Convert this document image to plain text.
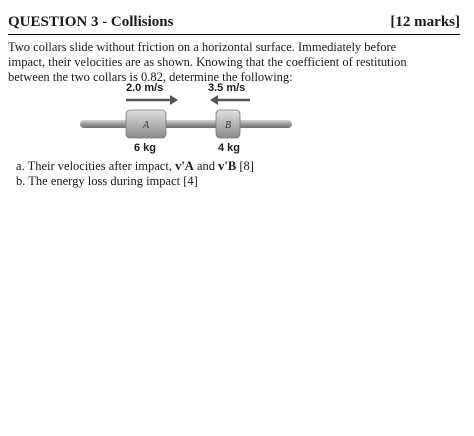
QUESTION 3 - Collisions	[12 marks]
Two collars slide without friction on a horizontal surface. Immediately before
impact, their velocities are as shown. Knowing that the coefficient of restitution
between the two collars is 0.82, determine the following:
A	B
2.0 m/s	3.5 m/s
6 kg	4 kg
a. Their velocities after impact, v'A and v'B [8]
b. The energy loss during impact [4]
